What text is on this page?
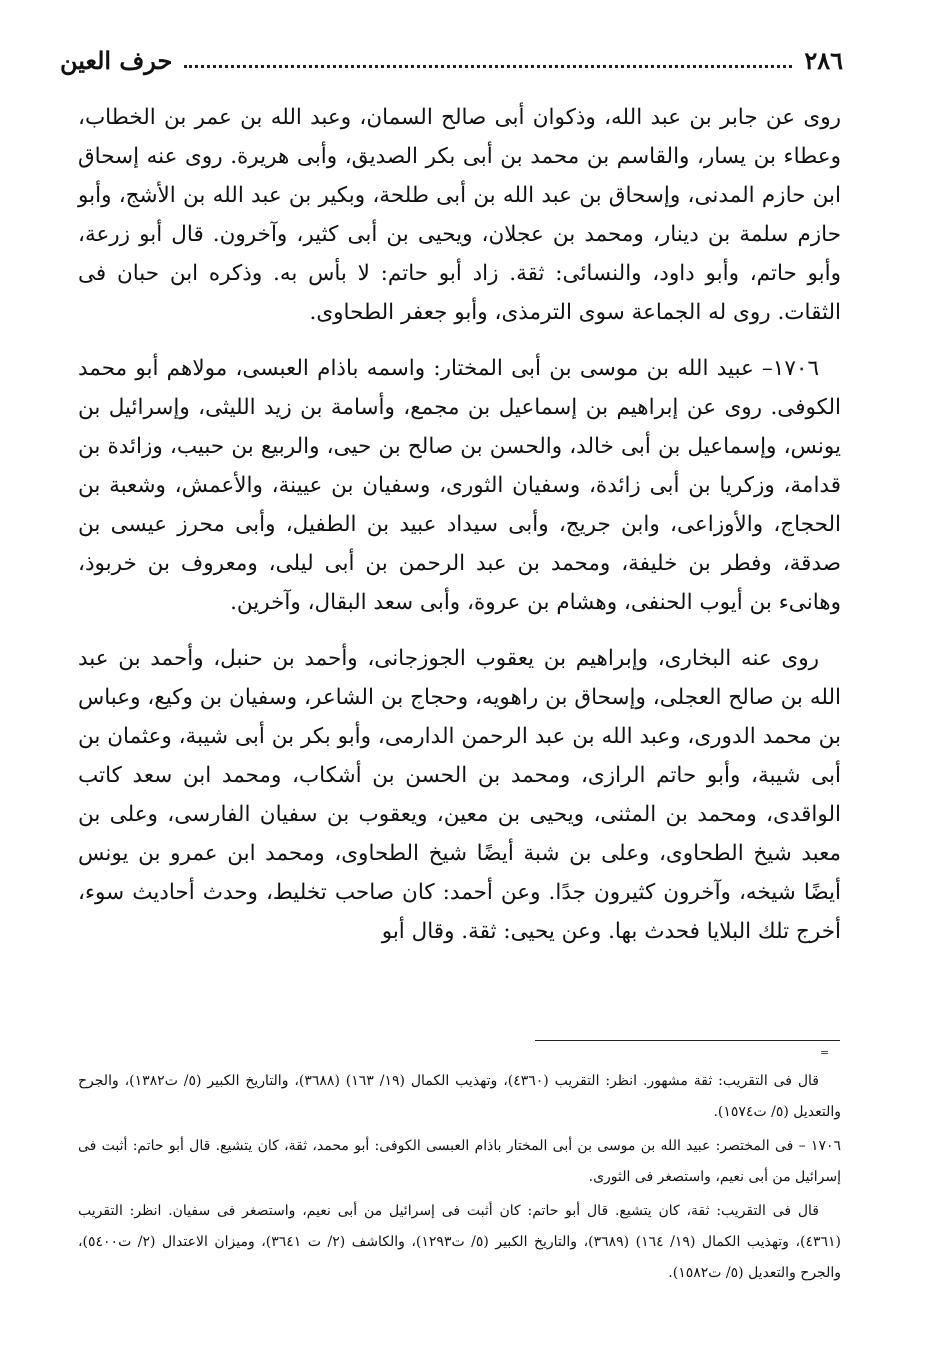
٢٨٦
حرف العين

روى عن جابر بن عبد الله، وذكوان أبى صالح السمان، وعبد الله بن عمر بن الخطاب، وعطاء بن يسار، والقاسم بن محمد بن أبى بكر الصديق، وأبى هريرة. روى عنه إسحاق ابن حازم المدنى، وإسحاق بن عبد الله بن أبى طلحة، وبكير بن عبد الله بن الأشج، وأبو حازم سلمة بن دينار، ومحمد بن عجلان، ويحيى بن أبى كثير، وآخرون. قال أبو زرعة، وأبو حاتم، وأبو داود، والنسائى: ثقة. زاد أبو حاتم: لا بأس به. وذكره ابن حبان فى الثقات. روى له الجماعة سوى الترمذى، وأبو جعفر الطحاوى.

١٧٠٦– عبيد الله بن موسى بن أبى المختار: واسمه باذام العبسى، مولاهم أبو محمد الكوفى. روى عن إبراهيم بن إسماعيل بن مجمع، وأسامة بن زيد الليثى، وإسرائيل بن يونس، وإسماعيل بن أبى خالد، والحسن بن صالح بن حيى، والربيع بن حبيب، وزائدة بن قدامة، وزكريا بن أبى زائدة، وسفيان الثورى، وسفيان بن عيينة، والأعمش، وشعبة بن الحجاج، والأوزاعى، وابن جريج، وأبى سيداد عبيد بن الطفيل، وأبى محرز عيسى بن صدقة، وفطر بن خليفة، ومحمد بن عبد الرحمن بن أبى ليلى، ومعروف بن خربوذ، وهانىء بن أيوب الحنفى، وهشام بن عروة، وأبى سعد البقال، وآخرين.

روى عنه البخارى، وإبراهيم بن يعقوب الجوزجانى، وأحمد بن حنبل، وأحمد بن عبد الله بن صالح العجلى، وإسحاق بن راهويه، وحجاج بن الشاعر، وسفيان بن وكيع، وعباس بن محمد الدورى، وعبد الله بن عبد الرحمن الدارمى، وأبو بكر بن أبى شيبة، وعثمان بن أبى شيبة، وأبو حاتم الرازى، ومحمد بن الحسن بن أشكاب، ومحمد ابن سعد كاتب الواقدى، ومحمد بن المثنى، ويحيى بن معين، ويعقوب بن سفيان الفارسى، وعلى بن معبد شيخ الطحاوى، وعلى بن شبة أيضًا شيخ الطحاوى، ومحمد ابن عمرو بن يونس أيضًا شيخه، وآخرون كثيرون جدًا. وعن أحمد: كان صاحب تخليط، وحدث أحاديث سوء، أخرج تلك البلايا فحدث بها. وعن يحيى: ثقة. وقال أبو

=

قال فى التقريب: ثقة مشهور. انظر: التقريب (٤٣٦٠)، وتهذيب الكمال (١٩/ ١٦٣) (٣٦٨٨)، والتاريخ الكبير (٥/ ت١٣٨٢)، والجرح والتعديل (٥/ ت١٥٧٤).

١٧٠٦ – فى المختصر: عبيد الله بن موسى بن أبى المختار باذام العبسى الكوفى: أبو محمد، ثقة، كان يتشيع. قال أبو حاتم: أثبت فى إسرائيل من أبى نعيم، واستصغر فى الثورى.

قال فى التقريب: ثقة، كان يتشيع. قال أبو حاتم: كان أثبت فى إسرائيل من أبى نعيم، واستصغر فى سفيان. انظر: التقريب (٤٣٦١)، وتهذيب الكمال (١٩/ ١٦٤) (٣٦٨٩)، والتاريخ الكبير (٥/ ت١٢٩٣)، والكاشف (٢/ ت ٣٦٤١)، وميزان الاعتدال (٢/ ت٥٤٠٠)، والجرح والتعديل (٥/ ت١٥٨٢).
